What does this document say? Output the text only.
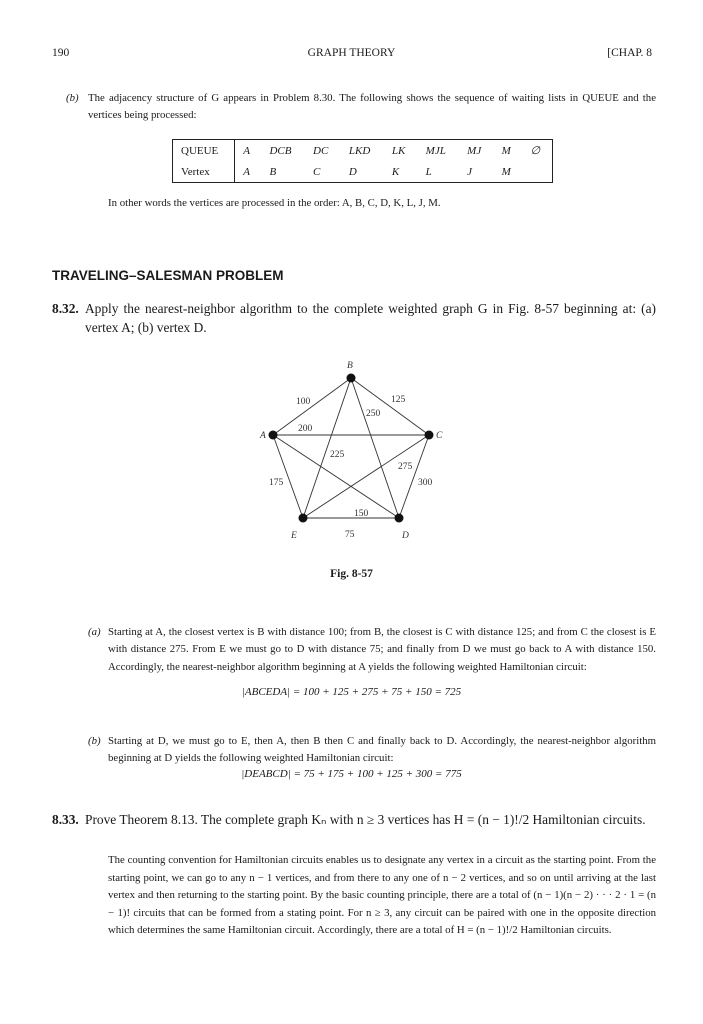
190	GRAPH THEORY	[CHAP. 8
(b) The adjacency structure of G appears in Problem 8.30. The following shows the sequence of waiting lists in QUEUE and the vertices being processed:
QUEUE	A	DCB	DC	LKD	LK	MJL	MJ	M	∅
Vertex	A	B	C	D	K	L	J	M	
In other words the vertices are processed in the order: A, B, C, D, K, L, J, M.
TRAVELING–SALESMAN PROBLEM
8.32. Apply the nearest-neighbor algorithm to the complete weighted graph G in Fig. 8-57 beginning at: (a) vertex A; (b) vertex D.
A
B
C
D
E
100	125
250
200
225
275
300
175
150
75
Fig. 8-57
(a) Starting at A, the closest vertex is B with distance 100; from B, the closest is C with distance 125; and from C the closest is E with distance 275. From E we must go to D with distance 75; and finally from D we must go back to A with distance 150. Accordingly, the nearest-neighbor algorithm beginning at A yields the following weighted Hamiltonian circuit:
|ABCEDA| = 100 + 125 + 275 + 75 + 150 = 725
(b) Starting at D, we must go to E, then A, then B then C and finally back to D. Accordingly, the nearest-neighbor algorithm beginning at D yields the following weighted Hamiltonian circuit:
|DEABCD| = 75 + 175 + 100 + 125 + 300 = 775
8.33. Prove Theorem 8.13. The complete graph Kₙ with n ≥ 3 vertices has H = (n − 1)!/2 Hamiltonian circuits.
The counting convention for Hamiltonian circuits enables us to designate any vertex in a circuit as the starting point. From the starting point, we can go to any n − 1 vertices, and from there to any one of n − 2 vertices, and so on until arriving at the last vertex and then returning to the starting point. By the basic counting principle, there are a total of (n − 1)(n − 2) · · · 2 · 1 = (n − 1)! circuits that can be formed from a stating point. For n ≥ 3, any circuit can be paired with one in the opposite direction which determines the same Hamiltonian circuit. Accordingly, there are a total of H = (n − 1)!/2 Hamiltonian circuits.
